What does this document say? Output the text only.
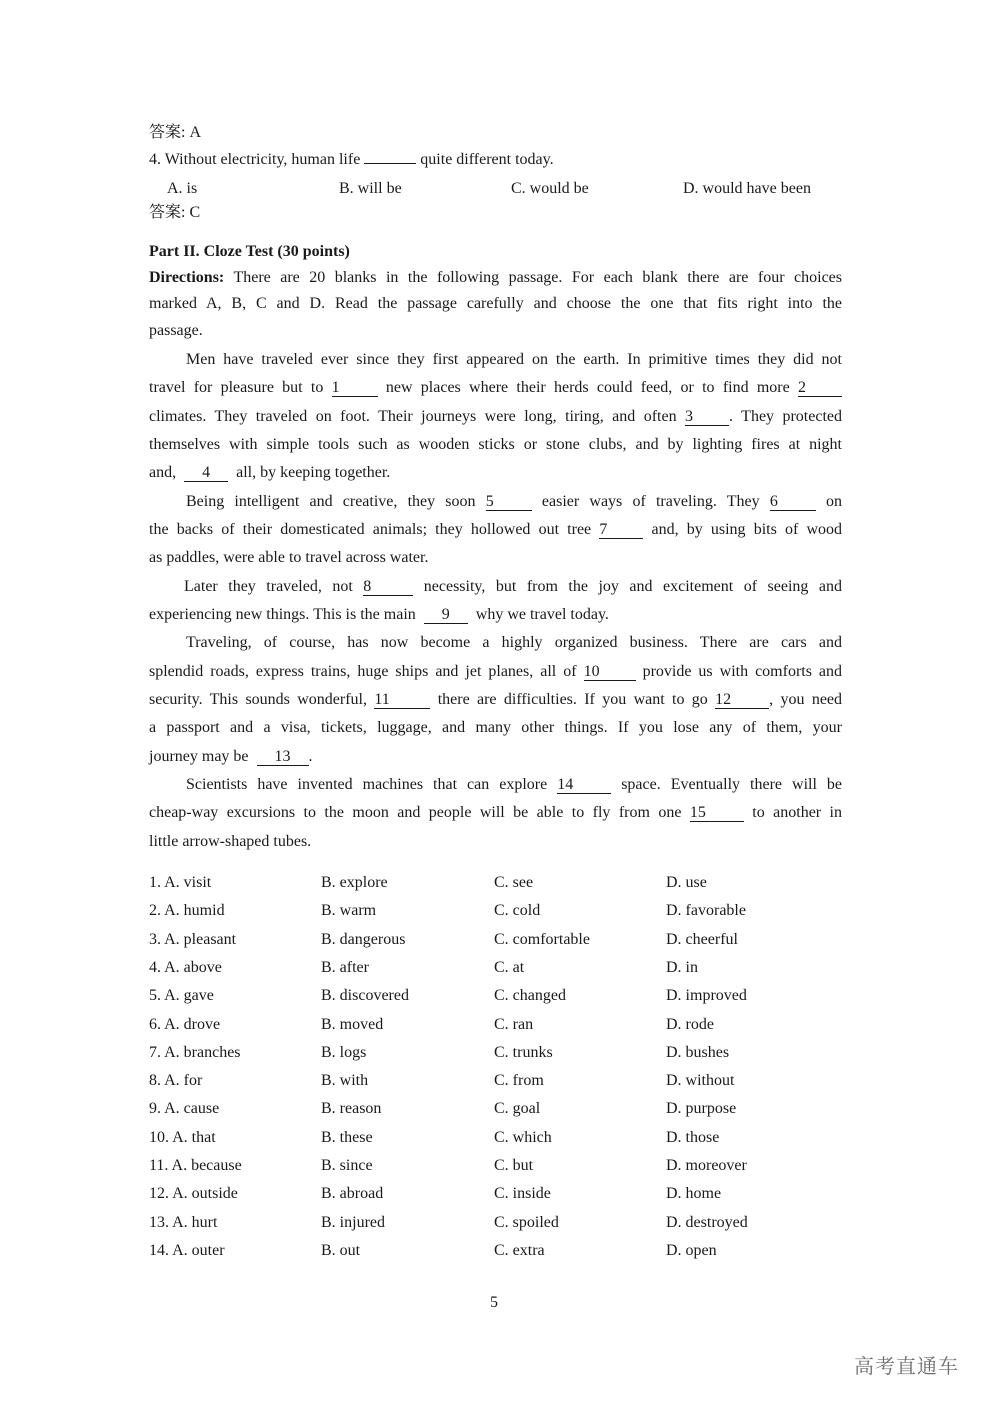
答案: A
4. Without electricity, human life	quite different today.
A. is	B. will be	C. would be	D. would have been
答案: C
Part II. Cloze Test (30 points)
Directions: There are 20 blanks in the following passage. For each blank there are four choices
marked A, B, C and D. Read the passage carefully and choose the one that fits right into the
passage.
Men have traveled ever since they first appeared on the earth. In primitive times they did not
travel for pleasure but to 1	new places where their herds could feed, or to find more 2
climates. They traveled on foot. Their journeys were long, tiring, and often 3 . They protected
themselves with simple tools such as wooden sticks or stone clubs, and by lighting fires at night
and, 4 all, by keeping together.
Being intelligent and creative, they soon 5	easier ways of traveling. They 6	on
the backs of their domesticated animals; they hollowed out tree 7	and, by using bits of wood
as paddles, were able to travel across water.
Later they traveled, not 8	necessity, but from the joy and excitement of seeing and
experiencing new things. This is the main 9 why we travel today.
Traveling, of course, has now become a highly organized business. There are cars and
splendid roads, express trains, huge ships and jet planes, all of 10	provide us with comforts and
security. This sounds wonderful, 11	there are difficulties. If you want to go 12 , you need
a passport and a visa, tickets, luggage, and many other things. If you lose any of them, your
journey may be 13 .
Scientists have invented machines that can explore 14	space. Eventually there will be
cheap-way excursions to the moon and people will be able to fly from one 15	to another in
little arrow-shaped tubes.
1. A. visit	B. explore	C. see	D. use
2. A. humid	B. warm	C. cold	D. favorable
3. A. pleasant	B. dangerous	C. comfortable	D. cheerful
4. A. above	B. after	C. at	D. in
5. A. gave	B. discovered	C. changed	D. improved
6. A. drove	B. moved	C. ran	D. rode
7. A. branches	B. logs	C. trunks	D. bushes
8. A. for	B. with	C. from	D. without
9. A. cause	B. reason	C. goal	D. purpose
10. A. that	B. these	C. which	D. those
11. A. because	B. since	C. but	D. moreover
12. A. outside	B. abroad	C. inside	D. home
13. A. hurt	B. injured	C. spoiled	D. destroyed
14. A. outer	B. out	C. extra	D. open
5
高考直通车
